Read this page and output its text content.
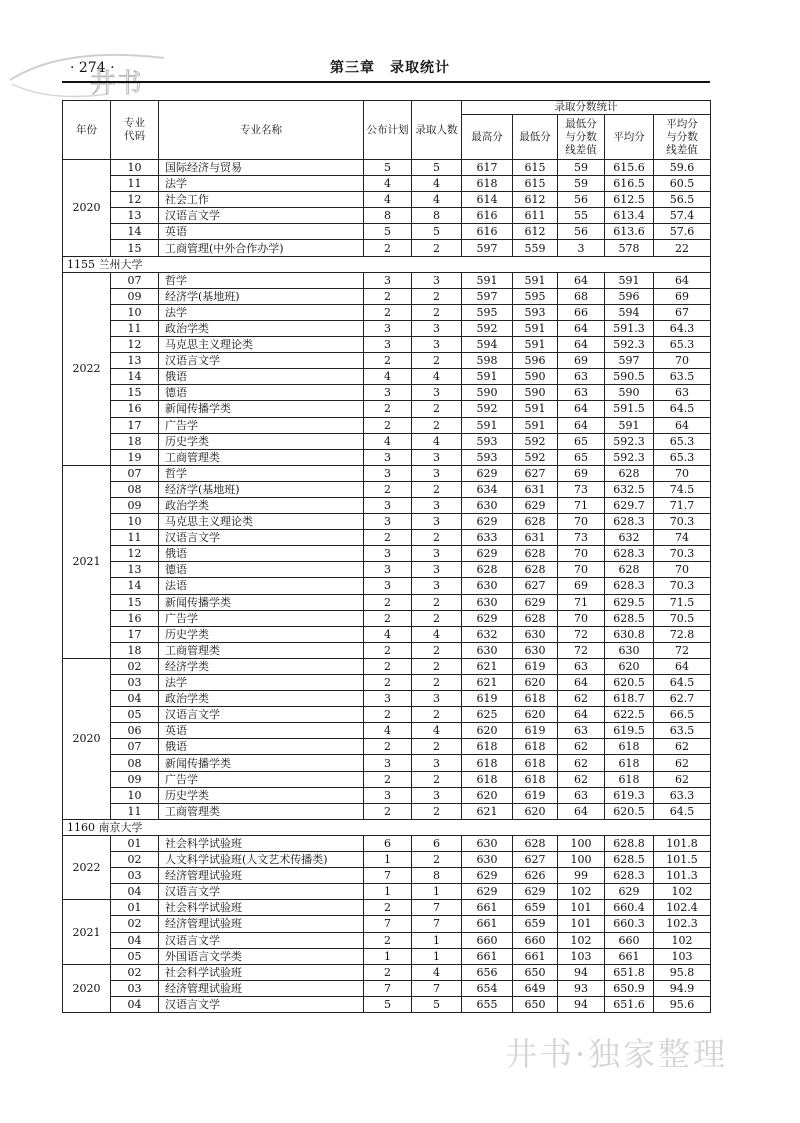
井书
· 274 ·	第三章　录取统计
年份	专业代码	专业名称	公布计划	录取人数	录取分数统计				
					最高分	最低分	最低分与分数线差值	平均分	平均分与分数线差值
2020	10	国际经济与贸易	5	5	617	615	59	615.6	59.6
	11	法学	4	4	618	615	59	616.5	60.5
	12	社会工作	4	4	614	612	56	612.5	56.5
	13	汉语言文学	8	8	616	611	55	613.4	57.4
	14	英语	5	5	616	612	56	613.6	57.6
	15	工商管理(中外合作办学)	2	2	597	559	3	578	22
1155 兰州大学									
2022	07	哲学	3	3	591	591	64	591	64
	09	经济学(基地班)	2	2	597	595	68	596	69
	10	法学	2	2	595	593	66	594	67
	11	政治学类	3	3	592	591	64	591.3	64.3
	12	马克思主义理论类	3	3	594	591	64	592.3	65.3
	13	汉语言文学	2	2	598	596	69	597	70
	14	俄语	4	4	591	590	63	590.5	63.5
	15	德语	3	3	590	590	63	590	63
	16	新闻传播学类	2	2	592	591	64	591.5	64.5
	17	广告学	2	2	591	591	64	591	64
	18	历史学类	4	4	593	592	65	592.3	65.3
	19	工商管理类	3	3	593	592	65	592.3	65.3
2021	07	哲学	3	3	629	627	69	628	70
	08	经济学(基地班)	2	2	634	631	73	632.5	74.5
	09	政治学类	3	3	630	629	71	629.7	71.7
	10	马克思主义理论类	3	3	629	628	70	628.3	70.3
	11	汉语言文学	2	2	633	631	73	632	74
	12	俄语	3	3	629	628	70	628.3	70.3
	13	德语	3	3	628	628	70	628	70
	14	法语	3	3	630	627	69	628.3	70.3
	15	新闻传播学类	2	2	630	629	71	629.5	71.5
	16	广告学	2	2	629	628	70	628.5	70.5
	17	历史学类	4	4	632	630	72	630.8	72.8
	18	工商管理类	2	2	630	630	72	630	72
2020	02	经济学类	2	2	621	619	63	620	64
	03	法学	2	2	621	620	64	620.5	64.5
	04	政治学类	3	3	619	618	62	618.7	62.7
	05	汉语言文学	2	2	625	620	64	622.5	66.5
	06	英语	4	4	620	619	63	619.5	63.5
	07	俄语	2	2	618	618	62	618	62
	08	新闻传播学类	3	3	618	618	62	618	62
	09	广告学	2	2	618	618	62	618	62
	10	历史学类	3	3	620	619	63	619.3	63.3
	11	工商管理类	2	2	621	620	64	620.5	64.5
1160 南京大学									
2022	01	社会科学试验班	6	6	630	628	100	628.8	101.8
	02	人文科学试验班(人文艺术传播类)	1	2	630	627	100	628.5	101.5
	03	经济管理试验班	7	8	629	626	99	628.3	101.3
	04	汉语言文学	1	1	629	629	102	629	102
2021	01	社会科学试验班	2	7	661	659	101	660.4	102.4
	02	经济管理试验班	7	7	661	659	101	660.3	102.3
	04	汉语言文学	2	1	660	660	102	660	102
	05	外国语言文学类	1	1	661	661	103	661	103
2020	02	社会科学试验班	2	4	656	650	94	651.8	95.8
	03	经济管理试验班	7	7	654	649	93	650.9	94.9
	04	汉语言文学	5	5	655	650	94	651.6	95.6
井书·独家整理
